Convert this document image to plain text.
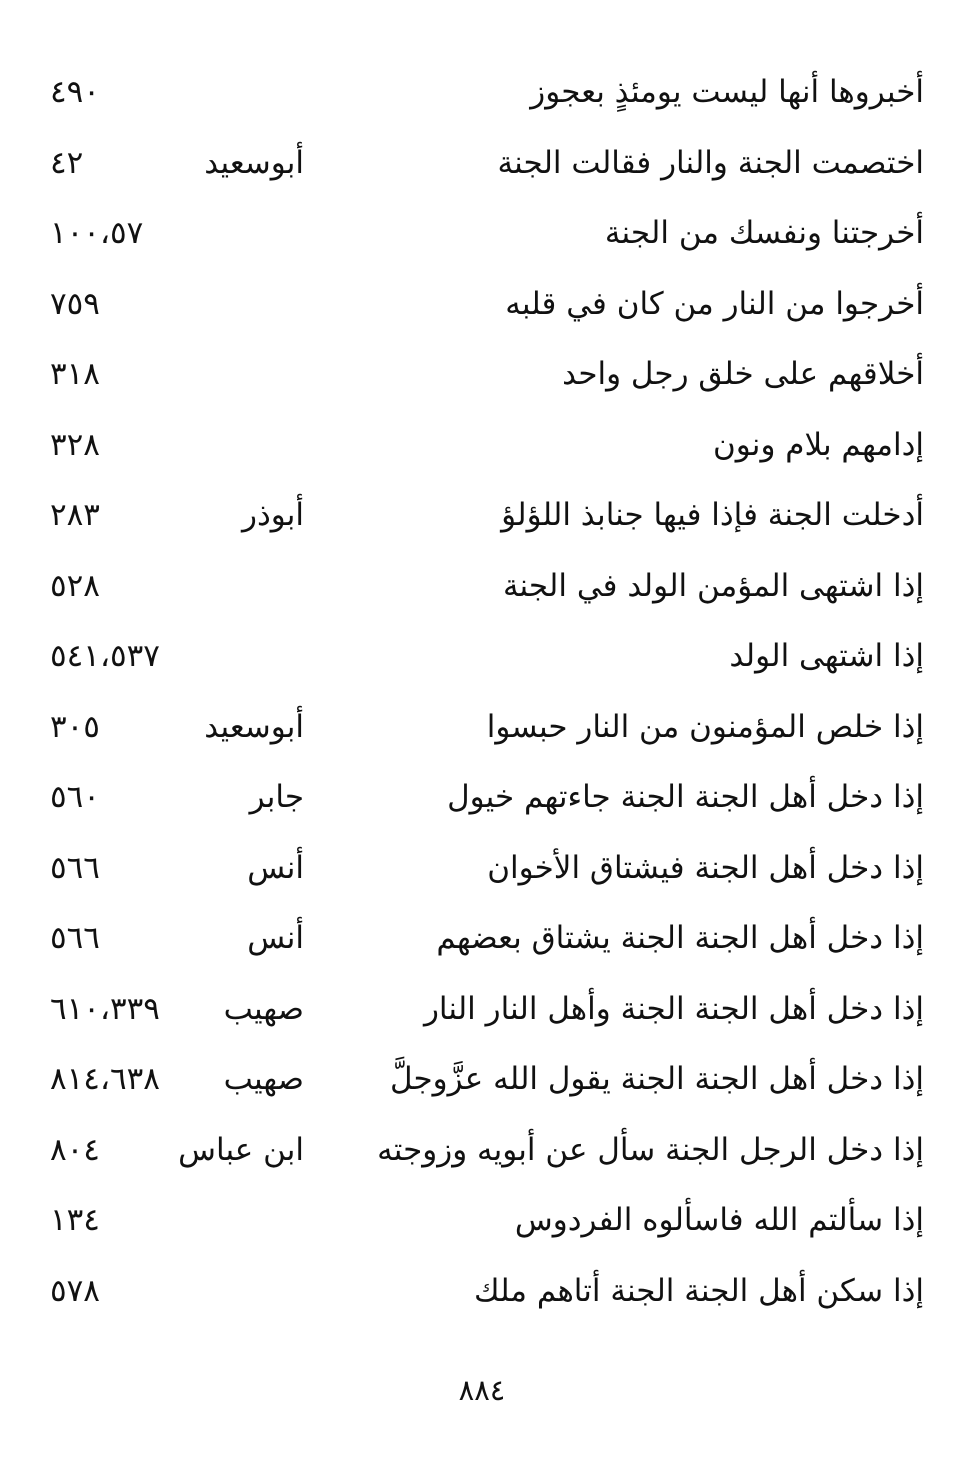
أخبروها أنها ليست يومئذٍ بعجوز
٤٩٠
اختصمت الجنة والنار فقالت الجنة
أبوسعيد
٤٢
أخرجتنا ونفسك من الجنة
١٠٠،٥٧
أخرجوا من النار من كان في قلبه
٧٥٩
أخلاقهم على خلق رجل واحد
٣١٨
إدامهم بلام ونون
٣٢٨
أدخلت الجنة فإذا فيها جنابذ اللؤلؤ
أبوذر
٢٨٣
إذا اشتهى المؤمن الولد في الجنة
٥٢٨
إذا اشتهى الولد
٥٤١،٥٣٧
إذا خلص المؤمنون من النار حبسوا
أبوسعيد
٣٠٥
إذا دخل أهل الجنة الجنة جاءتهم خيول
جابر
٥٦٠
إذا دخل أهل الجنة فيشتاق الأخوان
أنس
٥٦٦
إذا دخل أهل الجنة الجنة يشتاق بعضهم
أنس
٥٦٦
إذا دخل أهل الجنة الجنة وأهل النار النار
صهيب
٦١٠،٣٣٩
إذا دخل أهل الجنة الجنة يقول الله عزَّوجلَّ
صهيب
٨١٤،٦٣٨
إذا دخل الرجل الجنة سأل عن أبويه وزوجته
ابن عباس
٨٠٤
إذا سألتم الله فاسألوه الفردوس
١٣٤
إذا سكن أهل الجنة الجنة أتاهم ملك
٥٧٨
٨٨٤
